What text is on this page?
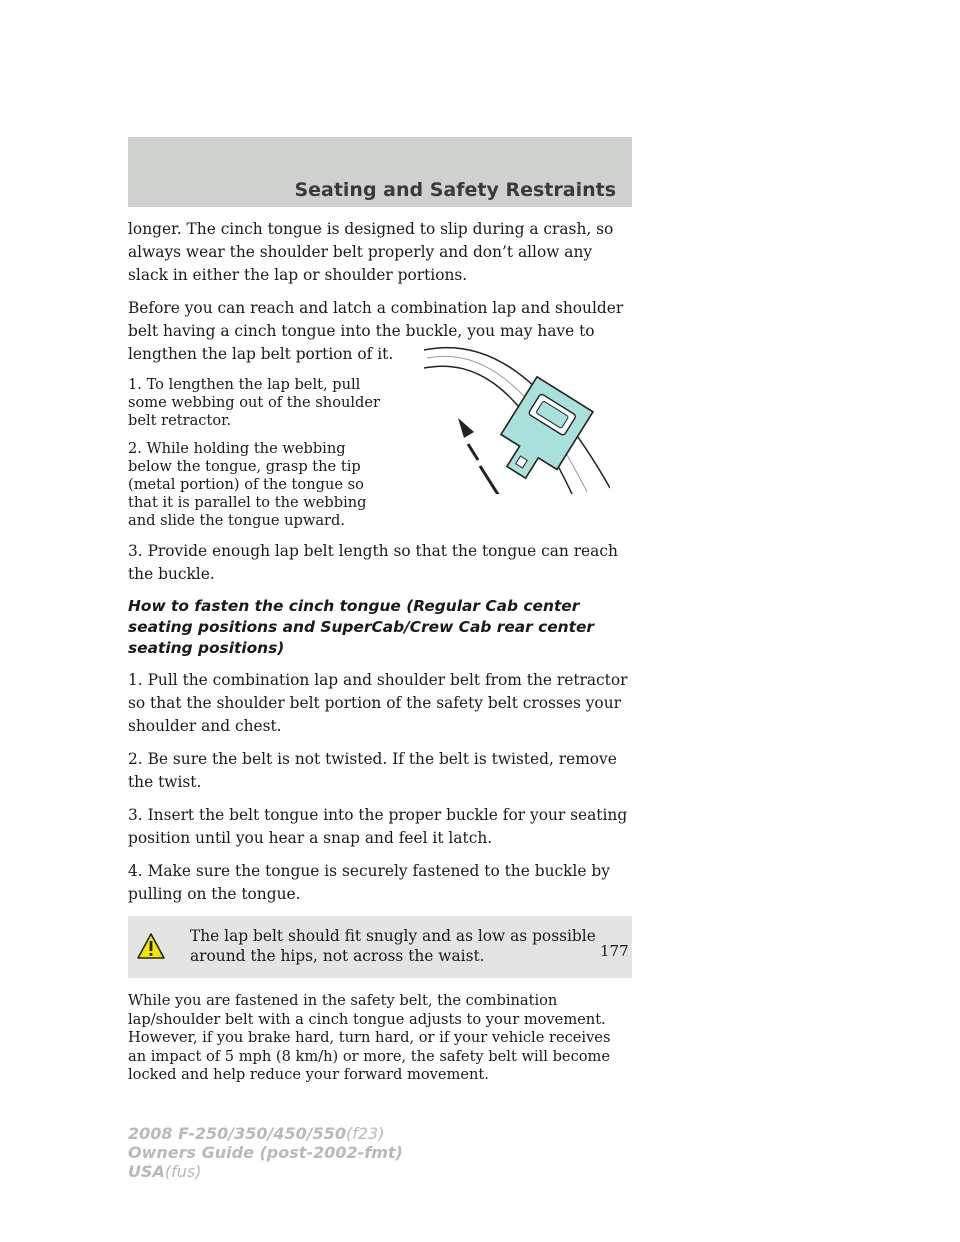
Seating and Safety Restraints

longer. The cinch tongue is designed to slip during a crash, so always wear the shoulder belt properly and don’t allow any slack in either the lap or shoulder portions.

Before you can reach and latch a combination lap and shoulder belt having a cinch tongue into the buckle, you may have to lengthen the lap belt portion of it.

1. To lengthen the lap belt, pull some webbing out of the shoulder belt retractor.

2. While holding the webbing below the tongue, grasp the tip (metal portion) of the tongue so that it is parallel to the webbing and slide the tongue upward.

3. Provide enough lap belt length so that the tongue can reach the buckle.

How to fasten the cinch tongue (Regular Cab center seating positions and SuperCab/Crew Cab rear center seating positions)

1. Pull the combination lap and shoulder belt from the retractor so that the shoulder belt portion of the safety belt crosses your shoulder and chest.

2. Be sure the belt is not twisted. If the belt is twisted, remove the twist.

3. Insert the belt tongue into the proper buckle for your seating position until you hear a snap and feel it latch.

4. Make sure the tongue is securely fastened to the buckle by pulling on the tongue.

The lap belt should fit snugly and as low as possible around the hips, not across the waist.

While you are fastened in the safety belt, the combination lap/shoulder belt with a cinch tongue adjusts to your movement. However, if you brake hard, turn hard, or if your vehicle receives an impact of 5 mph (8 km/h) or more, the safety belt will become locked and help reduce your forward movement.

177
2008 F-250/350/450/550(f23)
Owners Guide (post-2002-fmt)
USA(fus)
